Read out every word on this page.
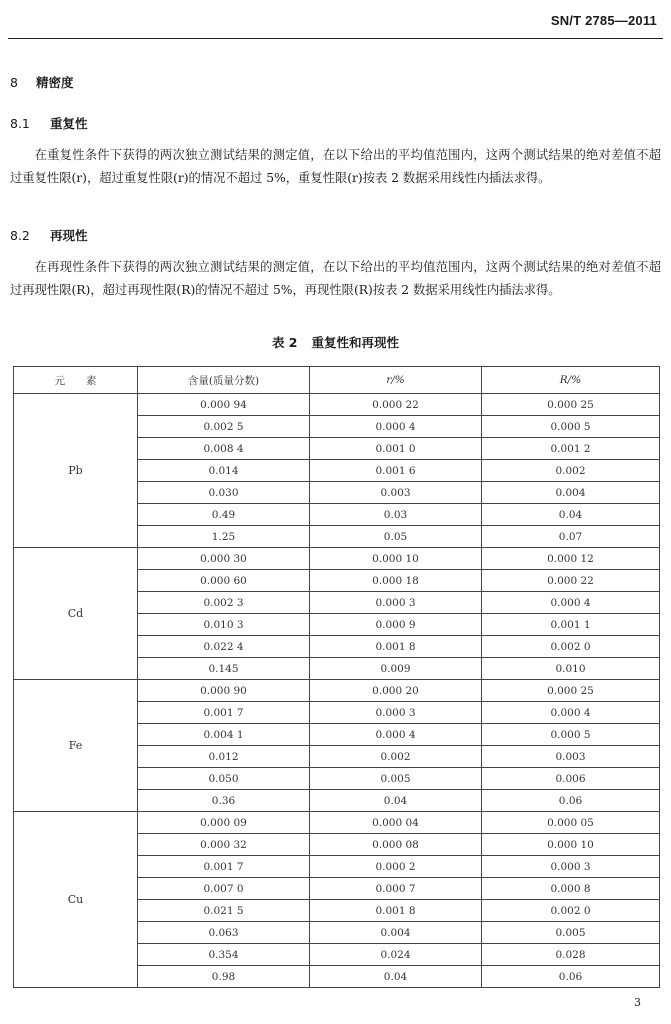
SN/T 2785—2011
8 精密度
8.1 重复性
在重复性条件下获得的两次独立测试结果的测定值，在以下给出的平均值范围内，这两个测试结果的绝对差值不超过重复性限(r)，超过重复性限(r)的情况不超过 5%，重复性限(r)按表 2 数据采用线性内插法求得。
8.2 再现性
在再现性条件下获得的两次独立测试结果的测定值，在以下给出的平均值范围内，这两个测试结果的绝对差值不超过再现性限(R)，超过再现性限(R)的情况不超过 5%，再现性限(R)按表 2 数据采用线性内插法求得。
表 2 重复性和再现性
元　　素	含量(质量分数)	r/%	R/%
Pb	0.000 94	0.000 22	0.000 25
	0.002 5	0.000 4	0.000 5
	0.008 4	0.001 0	0.001 2
	0.014	0.001 6	0.002
	0.030	0.003	0.004
	0.49	0.03	0.04
	1.25	0.05	0.07
Cd	0.000 30	0.000 10	0.000 12
	0.000 60	0.000 18	0.000 22
	0.002 3	0.000 3	0.000 4
	0.010 3	0.000 9	0.001 1
	0.022 4	0.001 8	0.002 0
	0.145	0.009	0.010
Fe	0.000 90	0.000 20	0.000 25
	0.001 7	0.000 3	0.000 4
	0.004 1	0.000 4	0.000 5
	0.012	0.002	0.003
	0.050	0.005	0.006
	0.36	0.04	0.06
Cu	0.000 09	0.000 04	0.000 05
	0.000 32	0.000 08	0.000 10
	0.001 7	0.000 2	0.000 3
	0.007 0	0.000 7	0.000 8
	0.021 5	0.001 8	0.002 0
	0.063	0.004	0.005
	0.354	0.024	0.028
	0.98	0.04	0.06
3
